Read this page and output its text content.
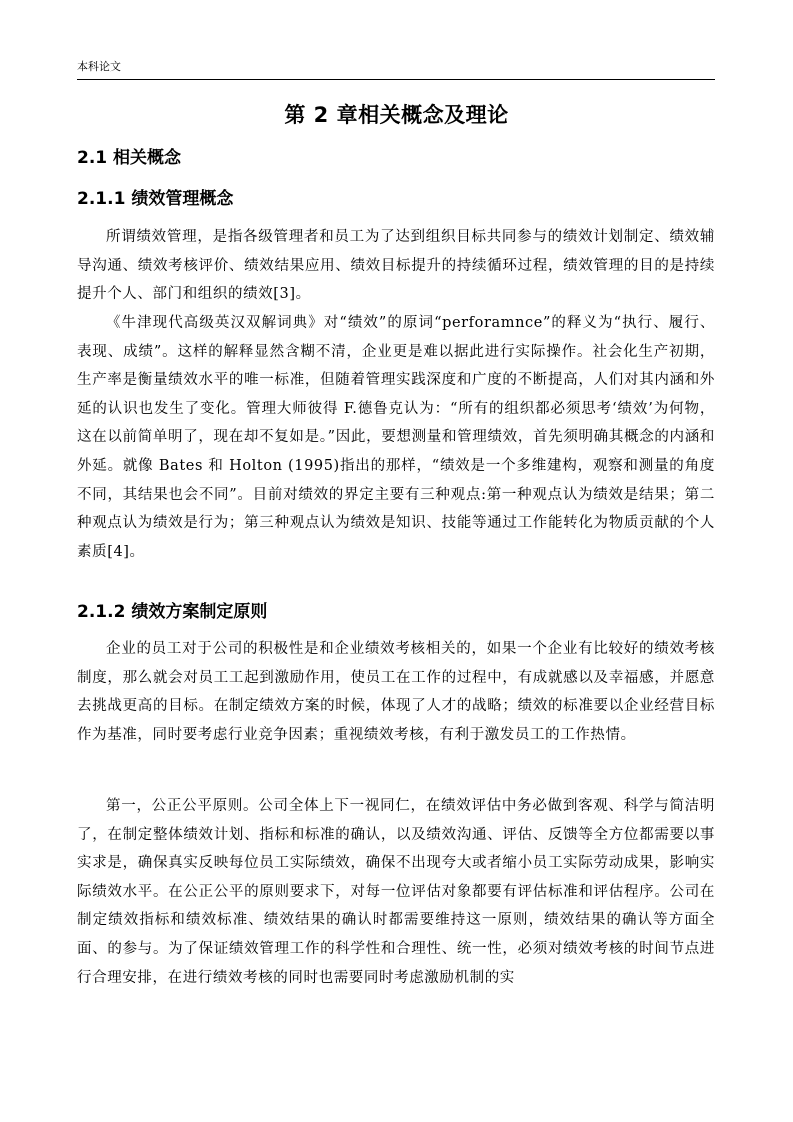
本科论文
第 2 章相关概念及理论
2.1 相关概念
2.1.1 绩效管理概念
所谓绩效管理，是指各级管理者和员工为了达到组织目标共同参与的绩效计划制定、绩效辅导沟通、绩效考核评价、绩效结果应用、绩效目标提升的持续循环过程，绩效管理的目的是持续提升个人、部门和组织的绩效[3]。
《牛津现代高级英汉双解词典》对“绩效”的原词“perforamnce”的释义为“执行、履行、表现、成绩”。这样的解释显然含糊不清，企业更是难以据此进行实际操作。社会化生产初期，生产率是衡量绩效水平的唯一标准，但随着管理实践深度和广度的不断提高，人们对其内涵和外延的认识也发生了变化。管理大师彼得 F.德鲁克认为：“所有的组织都必须思考‘绩效’为何物，这在以前简单明了，现在却不复如是。”因此，要想测量和管理绩效，首先须明确其概念的内涵和外延。就像 Bates 和 Holton (1995)指出的那样，“绩效是一个多维建构，观察和测量的角度不同，其结果也会不同”。目前对绩效的界定主要有三种观点:第一种观点认为绩效是结果；第二种观点认为绩效是行为；第三种观点认为绩效是知识、技能等通过工作能转化为物质贡献的个人素质[4]。
2.1.2 绩效方案制定原则
企业的员工对于公司的积极性是和企业绩效考核相关的，如果一个企业有比较好的绩效考核制度，那么就会对员工工起到激励作用，使员工在工作的过程中，有成就感以及幸福感，并愿意去挑战更高的目标。在制定绩效方案的时候，体现了人才的战略；绩效的标准要以企业经营目标作为基准，同时要考虑行业竞争因素；重视绩效考核，有利于激发员工的工作热情。
第一，公正公平原则。公司全体上下一视同仁，在绩效评估中务必做到客观、科学与简洁明了，在制定整体绩效计划、指标和标准的确认，以及绩效沟通、评估、反馈等全方位都需要以事实求是，确保真实反映每位员工实际绩效，确保不出现夸大或者缩小员工实际劳动成果，影响实际绩效水平。在公正公平的原则要求下，对每一位评估对象都要有评估标准和评估程序。公司在制定绩效指标和绩效标准、绩效结果的确认时都需要维持这一原则，绩效结果的确认等方面全面、的参与。为了保证绩效管理工作的科学性和合理性、统一性，必须对绩效考核的时间节点进行合理安排，在进行绩效考核的同时也需要同时考虑激励机制的实
